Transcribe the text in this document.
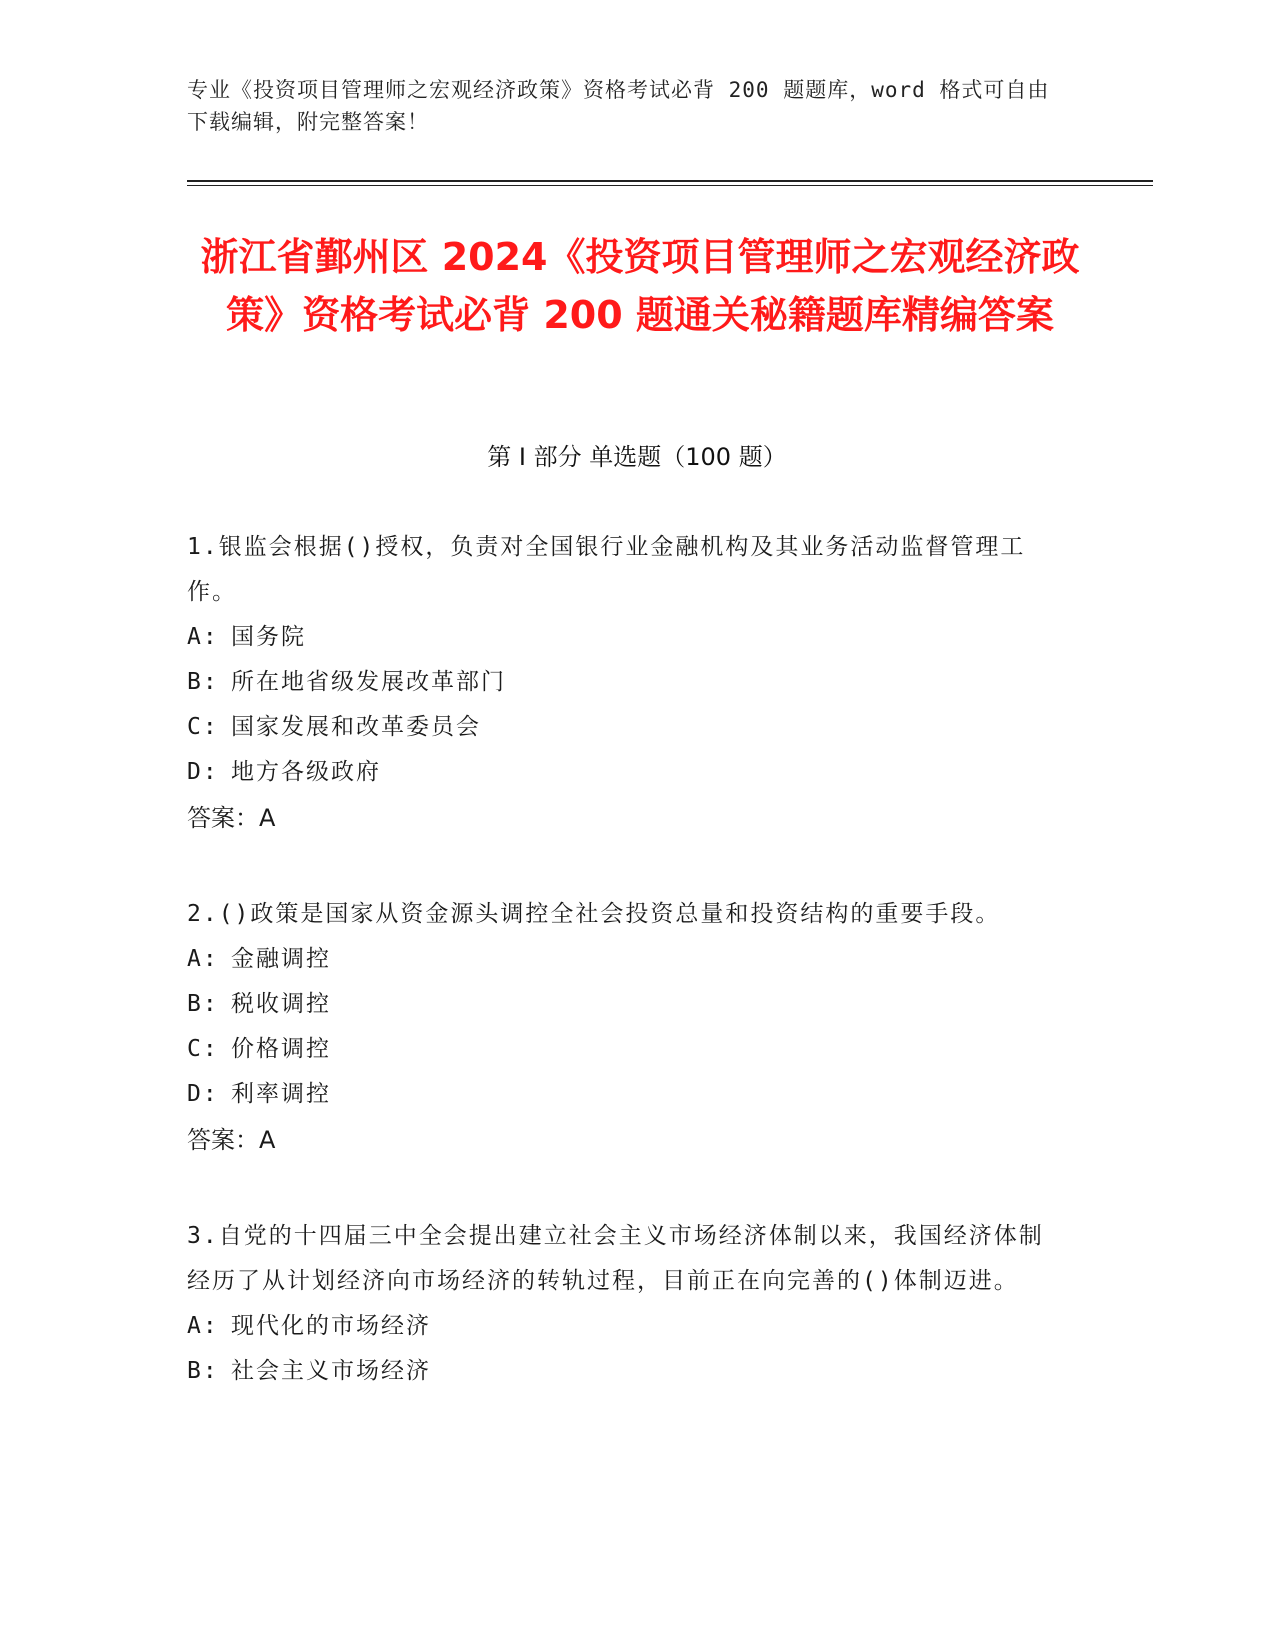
专业《投资项目管理师之宏观经济政策》资格考试必背 200 题题库，word 格式可自由下载编辑，附完整答案！
浙江省鄞州区 2024《投资项目管理师之宏观经济政策》资格考试必背 200 题通关秘籍题库精编答案
第 I 部分 单选题（100 题）
1.银监会根据()授权，负责对全国银行业金融机构及其业务活动监督管理工作。
A: 国务院
B: 所在地省级发展改革部门
C: 国家发展和改革委员会
D: 地方各级政府
答案：A
2.()政策是国家从资金源头调控全社会投资总量和投资结构的重要手段。
A: 金融调控
B: 税收调控
C: 价格调控
D: 利率调控
答案：A
3.自党的十四届三中全会提出建立社会主义市场经济体制以来，我国经济体制经历了从计划经济向市场经济的转轨过程，目前正在向完善的()体制迈进。
A: 现代化的市场经济
B: 社会主义市场经济
